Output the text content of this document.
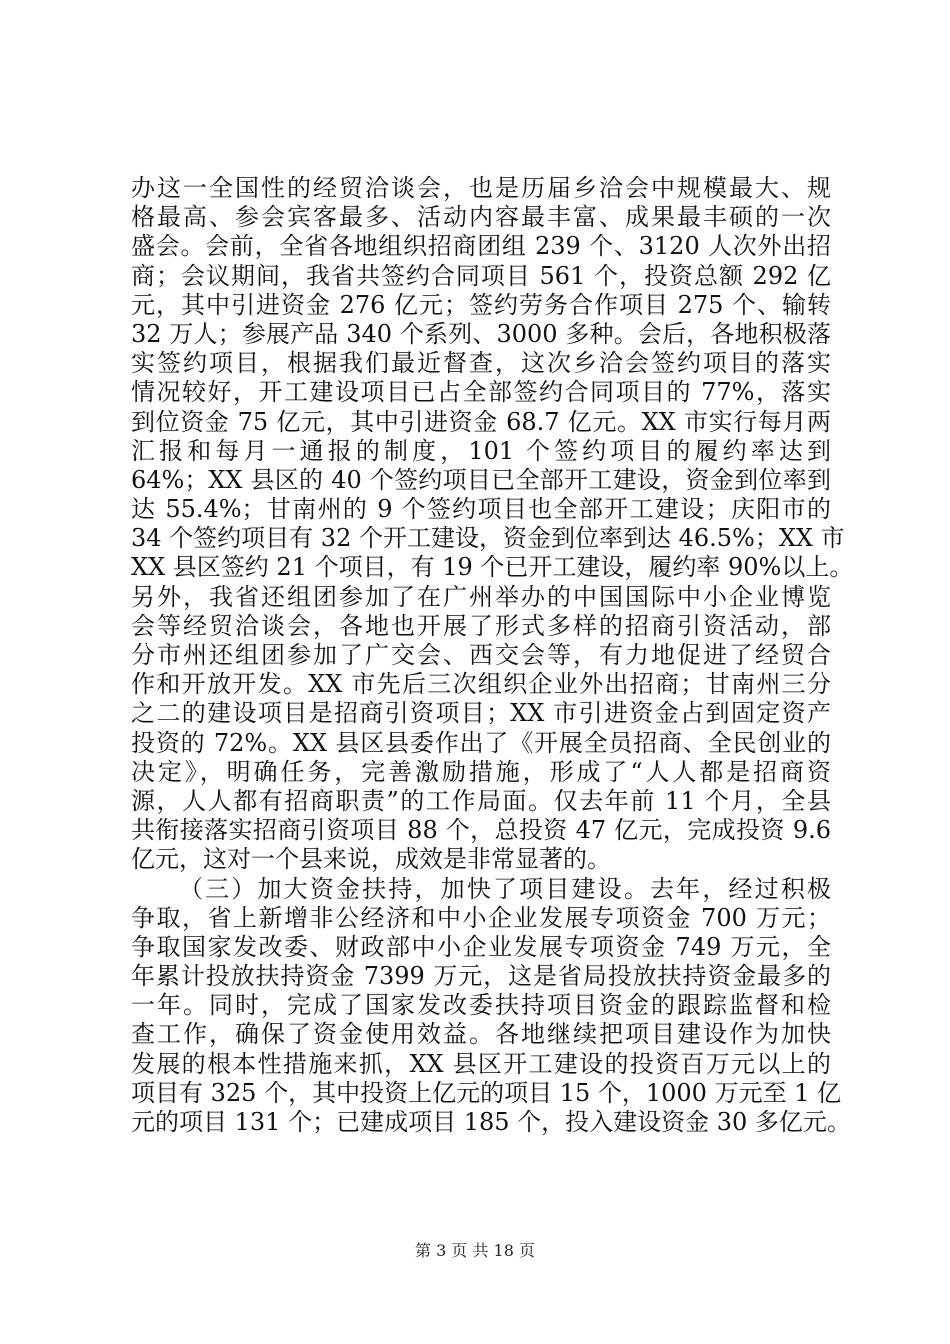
办这一全国性的经贸洽谈会，也是历届乡洽会中规模最大、规
格最高、参会宾客最多、活动内容最丰富、成果最丰硕的一次
盛会。会前，全省各地组织招商团组 239 个、3120 人次外出招
商；会议期间，我省共签约合同项目 561 个，投资总额 292 亿
元，其中引进资金 276 亿元；签约劳务合作项目 275 个、输转
32 万人；参展产品 340 个系列、3000 多种。会后，各地积极落
实签约项目，根据我们最近督查，这次乡洽会签约项目的落实
情况较好，开工建设项目已占全部签约合同项目的 77%，落实
到位资金 75 亿元，其中引进资金 68.7 亿元。XX 市实行每月两
汇报和每月一通报的制度，101 个签约项目的履约率达到
64%；XX 县区的 40 个签约项目已全部开工建设，资金到位率到
达 55.4%；甘南州的 9 个签约项目也全部开工建设；庆阳市的
34 个签约项目有 32 个开工建设，资金到位率到达 46.5%；XX 市
XX 县区签约 21 个项目，有 19 个已开工建设，履约率 90%以上。
另外，我省还组团参加了在广州举办的中国国际中小企业博览
会等经贸洽谈会，各地也开展了形式多样的招商引资活动，部
分市州还组团参加了广交会、西交会等，有力地促进了经贸合
作和开放开发。XX 市先后三次组织企业外出招商；甘南州三分
之二的建设项目是招商引资项目；XX 市引进资金占到固定资产
投资的 72%。XX 县区县委作出了《开展全员招商、全民创业的
决定》，明确任务，完善激励措施，形成了“人人都是招商资
源，人人都有招商职责”的工作局面。仅去年前 11 个月，全县
共衔接落实招商引资项目 88 个，总投资 47 亿元，完成投资 9.6
亿元，这对一个县来说，成效是非常显著的。
（三）加大资金扶持，加快了项目建设。去年，经过积极
争取，省上新增非公经济和中小企业发展专项资金 700 万元；
争取国家发改委、财政部中小企业发展专项资金 749 万元，全
年累计投放扶持资金 7399 万元，这是省局投放扶持资金最多的
一年。同时，完成了国家发改委扶持项目资金的跟踪监督和检
查工作，确保了资金使用效益。各地继续把项目建设作为加快
发展的根本性措施来抓，XX 县区开工建设的投资百万元以上的
项目有 325 个，其中投资上亿元的项目 15 个，1000 万元至 1 亿
元的项目 131 个；已建成项目 185 个，投入建设资金 30 多亿元。
第 3 页 共 18 页
